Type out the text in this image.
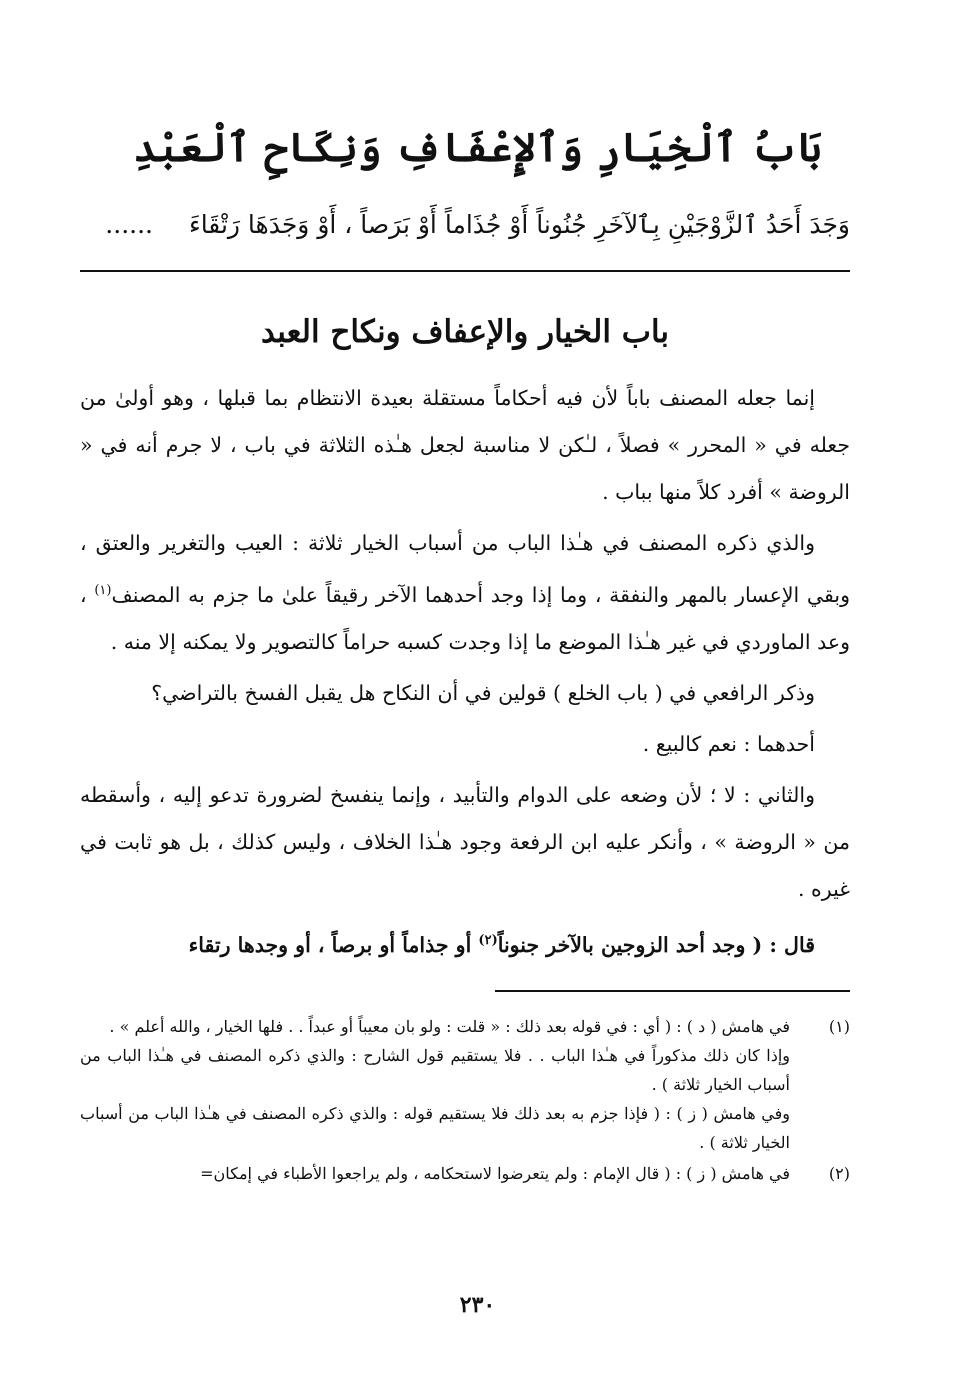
بَابُ ٱلْخِيَارِ وَٱلإِعْفَافِ وَنِكَاحِ ٱلْعَبْدِ
وَجَدَ أَحَدُ ٱلزَّوْجَيْنِ بِٱلآخَرِ جُنُوناً أَوْ جُذَاماً أَوْ بَرَصاً ، أَوْ وَجَدَهَا رَتْقَاءَ ......
باب الخيار والإعفاف ونكاح العبد

إنما جعله المصنف باباً لأن فيه أحكاماً مستقلة بعيدة الانتظام بما قبلها ، وهو أولىٰ من جعله في « المحرر » فصلاً ، لـٰكن لا مناسبة لجعل هـٰذه الثلاثة في باب ، لا جرم أنه في « الروضة » أفرد كلاً منها بباب .

والذي ذكره المصنف في هـٰذا الباب من أسباب الخيار ثلاثة : العيب والتغرير والعتق ، وبقي الإعسار بالمهر والنفقة ، وما إذا وجد أحدهما الآخر رقيقاً علىٰ ما جزم به المصنف$^{(١)}$ ، وعد الماوردي في غير هـٰذا الموضع ما إذا وجدت كسبه حراماً كالتصوير ولا يمكنه إلا منه .

وذكر الرافعي في ( باب الخلع ) قولين في أن النكاح هل يقبل الفسخ بالتراضي؟

أحدهما : نعم كالبيع .

والثاني : لا ؛ لأن وضعه على الدوام والتأبيد ، وإنما ينفسخ لضرورة تدعو إليه ، وأسقطه من « الروضة » ، وأنكر عليه ابن الرفعة وجود هـٰذا الخلاف ، وليس كذلك ، بل هو ثابت في غيره .

قال : ( وجد أحد الزوجين بالآخر جنوناً$^{(٢)}$ أو جذاماً أو برصاً ، أو وجدها رتقاء

(١)
في هامش ( د ) : ( أي : في قوله بعد ذلك : « قلت : ولو بان معيباً أو عبداً . . فلها الخيار ، والله أعلم » .
وإذا كان ذلك مذكوراً في هـٰذا الباب . . فلا يستقيم قول الشارح : والذي ذكره المصنف في هـٰذا الباب من أسباب الخيار ثلاثة ) .
وفي هامش ( ز ) : ( فإذا جزم به بعد ذلك فلا يستقيم قوله : والذي ذكره المصنف في هـٰذا الباب من أسباب الخيار ثلاثة ) .
(٢)
في هامش ( ز ) : ( قال الإمام : ولم يتعرضوا لاستحكامه ، ولم يراجعوا الأطباء في إمكان=
٢٣٠
